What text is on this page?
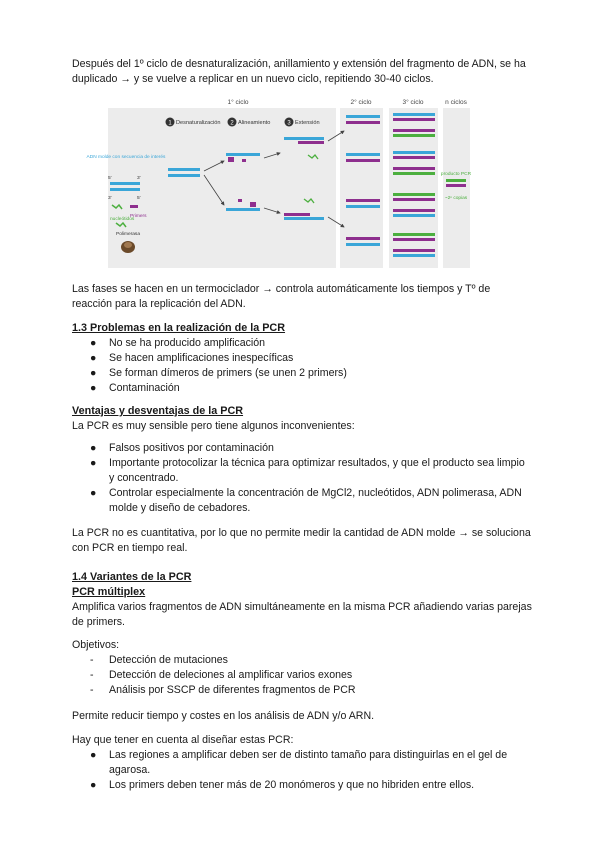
Después del 1º ciclo de desnaturalización, anillamiento y extensión del fragmento de ADN, se ha duplicado → y se vuelve a replicar en un nuevo ciclo, repitiendo 30-40 ciclos.

1° ciclo	2° ciclo	3° ciclo	n ciclos
1 Desnaturalización 2 Alineamiento	3 Extensión
ADN molde con secuencia de interés
5'	3'
3'	5'
nucleótidos
Primers
Polimerasa
producto PCR
~2ⁿ copias

Las fases se hacen en un termociclador → controla automáticamente los tiempos y Tº de reacción para la replicación del ADN.

1.3 Problemas en la realización de la PCR

● No se ha producido amplificación
● Se hacen amplificaciones inespecíficas
● Se forman dímeros de primers (se unen 2 primers)
● Contaminación

Ventajas y desventajas de la PCR

La PCR es muy sensible pero tiene algunos inconvenientes:

● Falsos positivos por contaminación
● Importante protocolizar la técnica para optimizar resultados, y que el producto sea limpio y concentrado.
● Controlar especialmente la concentración de MgCl2, nucleótidos, ADN polimerasa, ADN molde y diseño de cebadores.

La PCR no es cuantitativa, por lo que no permite medir la cantidad de ADN molde → se soluciona con PCR en tiempo real.

1.4 Variantes de la PCR

PCR múltiplex

Amplifica varios fragmentos de ADN simultáneamente en la misma PCR añadiendo varias parejas de primers.

Objetivos:

- Detección de mutaciones
- Detección de deleciones al amplificar varios exones
- Análisis por SSCP de diferentes fragmentos de PCR

Permite reducir tiempo y costes en los análisis de ADN y/o ARN.

Hay que tener en cuenta al diseñar estas PCR:

● Las regiones a amplificar deben ser de distinto tamaño para distinguirlas en el gel de agarosa.
● Los primers deben tener más de 20 monómeros y que no hibriden entre ellos.
